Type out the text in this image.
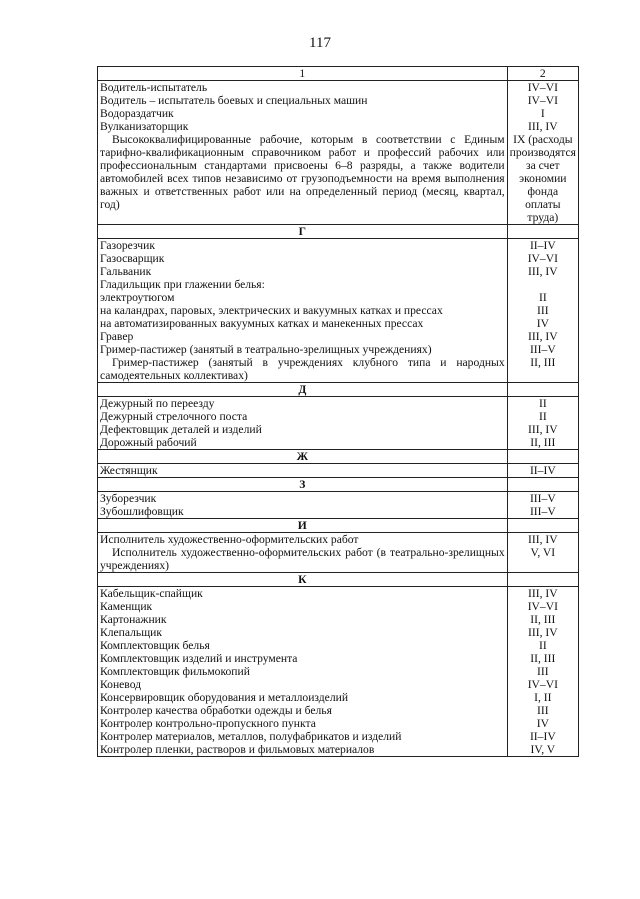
117
1	2
Водитель-испытатель	IV–VI
Водитель – испытатель боевых и специальных машин	IV–VI
Водораздатчик	I
Вулканизаторщик	III, IV
Высококвалифицированные рабочие, которым в соответствии с Единым тарифно-квалификационным справочником работ и профессий рабочих или профессиональным стандартами присвоены 6–8 разряды, а также водители автомобилей всех типов независимо от грузоподъемности на время выполнения важных и ответственных работ или на определенный период (месяц, квартал, год)	IX (расходы производятся за счет экономии фонда оплаты труда)
Г	
Газорезчик	II–IV
Газосварщик	IV–VI
Гальваник	III, IV
Гладильщик при глажении белья:	
электроутюгом	II
на каландрах, паровых, электрических и вакуумных катках и прессах	III
на автоматизированных вакуумных катках и манекенных прессах	IV
Гравер	III, IV
Гример-пастижер (занятый в театрально-зрелищных учреждениях)	III–V
Гример-пастижер (занятый в учреждениях клубного типа и народных самодеятельных коллективах)	II, III
Д	
Дежурный по переезду	II
Дежурный стрелочного поста	II
Дефектовщик деталей и изделий	III, IV
Дорожный рабочий	II, III
Ж	
Жестянщик	II–IV
З	
Зуборезчик	III–V
Зубошлифовщик	III–V
И	
Исполнитель художественно-оформительских работ	III, IV
Исполнитель художественно-оформительских работ (в театрально-зрелищных учреждениях)	V, VI
К	
Кабельщик-спайщик	III, IV
Каменщик	IV–VI
Картонажник	II, III
Клепальщик	III, IV
Комплектовщик белья	II
Комплектовщик изделий и инструмента	II, III
Комплектовщик фильмокопий	III
Коневод	IV–VI
Консервировщик оборудования и металлоизделий	I, II
Контролер качества обработки одежды и белья	III
Контролер контрольно-пропускного пункта	IV
Контролер материалов, металлов, полуфабрикатов и изделий	II–IV
Контролер пленки, растворов и фильмовых материалов	IV, V
